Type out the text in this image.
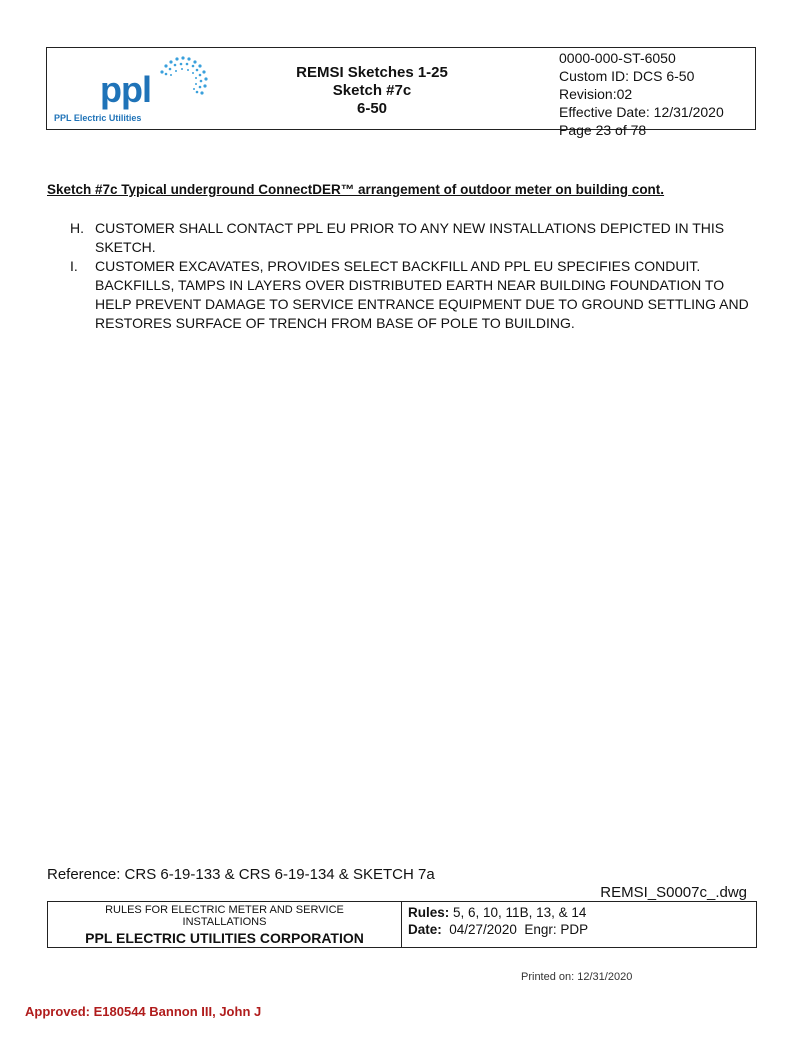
ppl
PPL Electric Utilities
REMSI Sketches 1-25
Sketch #7c
6-50
0000-000-ST-6050
Custom ID: DCS 6-50
Revision:02
Effective Date: 12/31/2020
Page 23 of 78
Sketch #7c Typical underground ConnectDER™ arrangement of outdoor meter on building cont.
H. CUSTOMER SHALL CONTACT PPL EU PRIOR TO ANY NEW INSTALLATIONS DEPICTED IN THIS SKETCH.
I. CUSTOMER EXCAVATES, PROVIDES SELECT BACKFILL AND PPL EU SPECIFIES CONDUIT. BACKFILLS, TAMPS IN LAYERS OVER DISTRIBUTED EARTH NEAR BUILDING FOUNDATION TO HELP PREVENT DAMAGE TO SERVICE ENTRANCE EQUIPMENT DUE TO GROUND SETTLING AND RESTORES SURFACE OF TRENCH FROM BASE OF POLE TO BUILDING.
Reference: CRS 6-19-133 & CRS 6-19-134 & SKETCH 7a
REMSI_S0007c_.dwg
RULES FOR ELECTRIC METER AND SERVICE
INSTALLATIONS
PPL ELECTRIC UTILITIES CORPORATION
Rules: 5, 6, 10, 11B, 13, & 14
Date:  04/27/2020  Engr: PDP
Printed on: 12/31/2020
Approved: E180544 Bannon III, John J
